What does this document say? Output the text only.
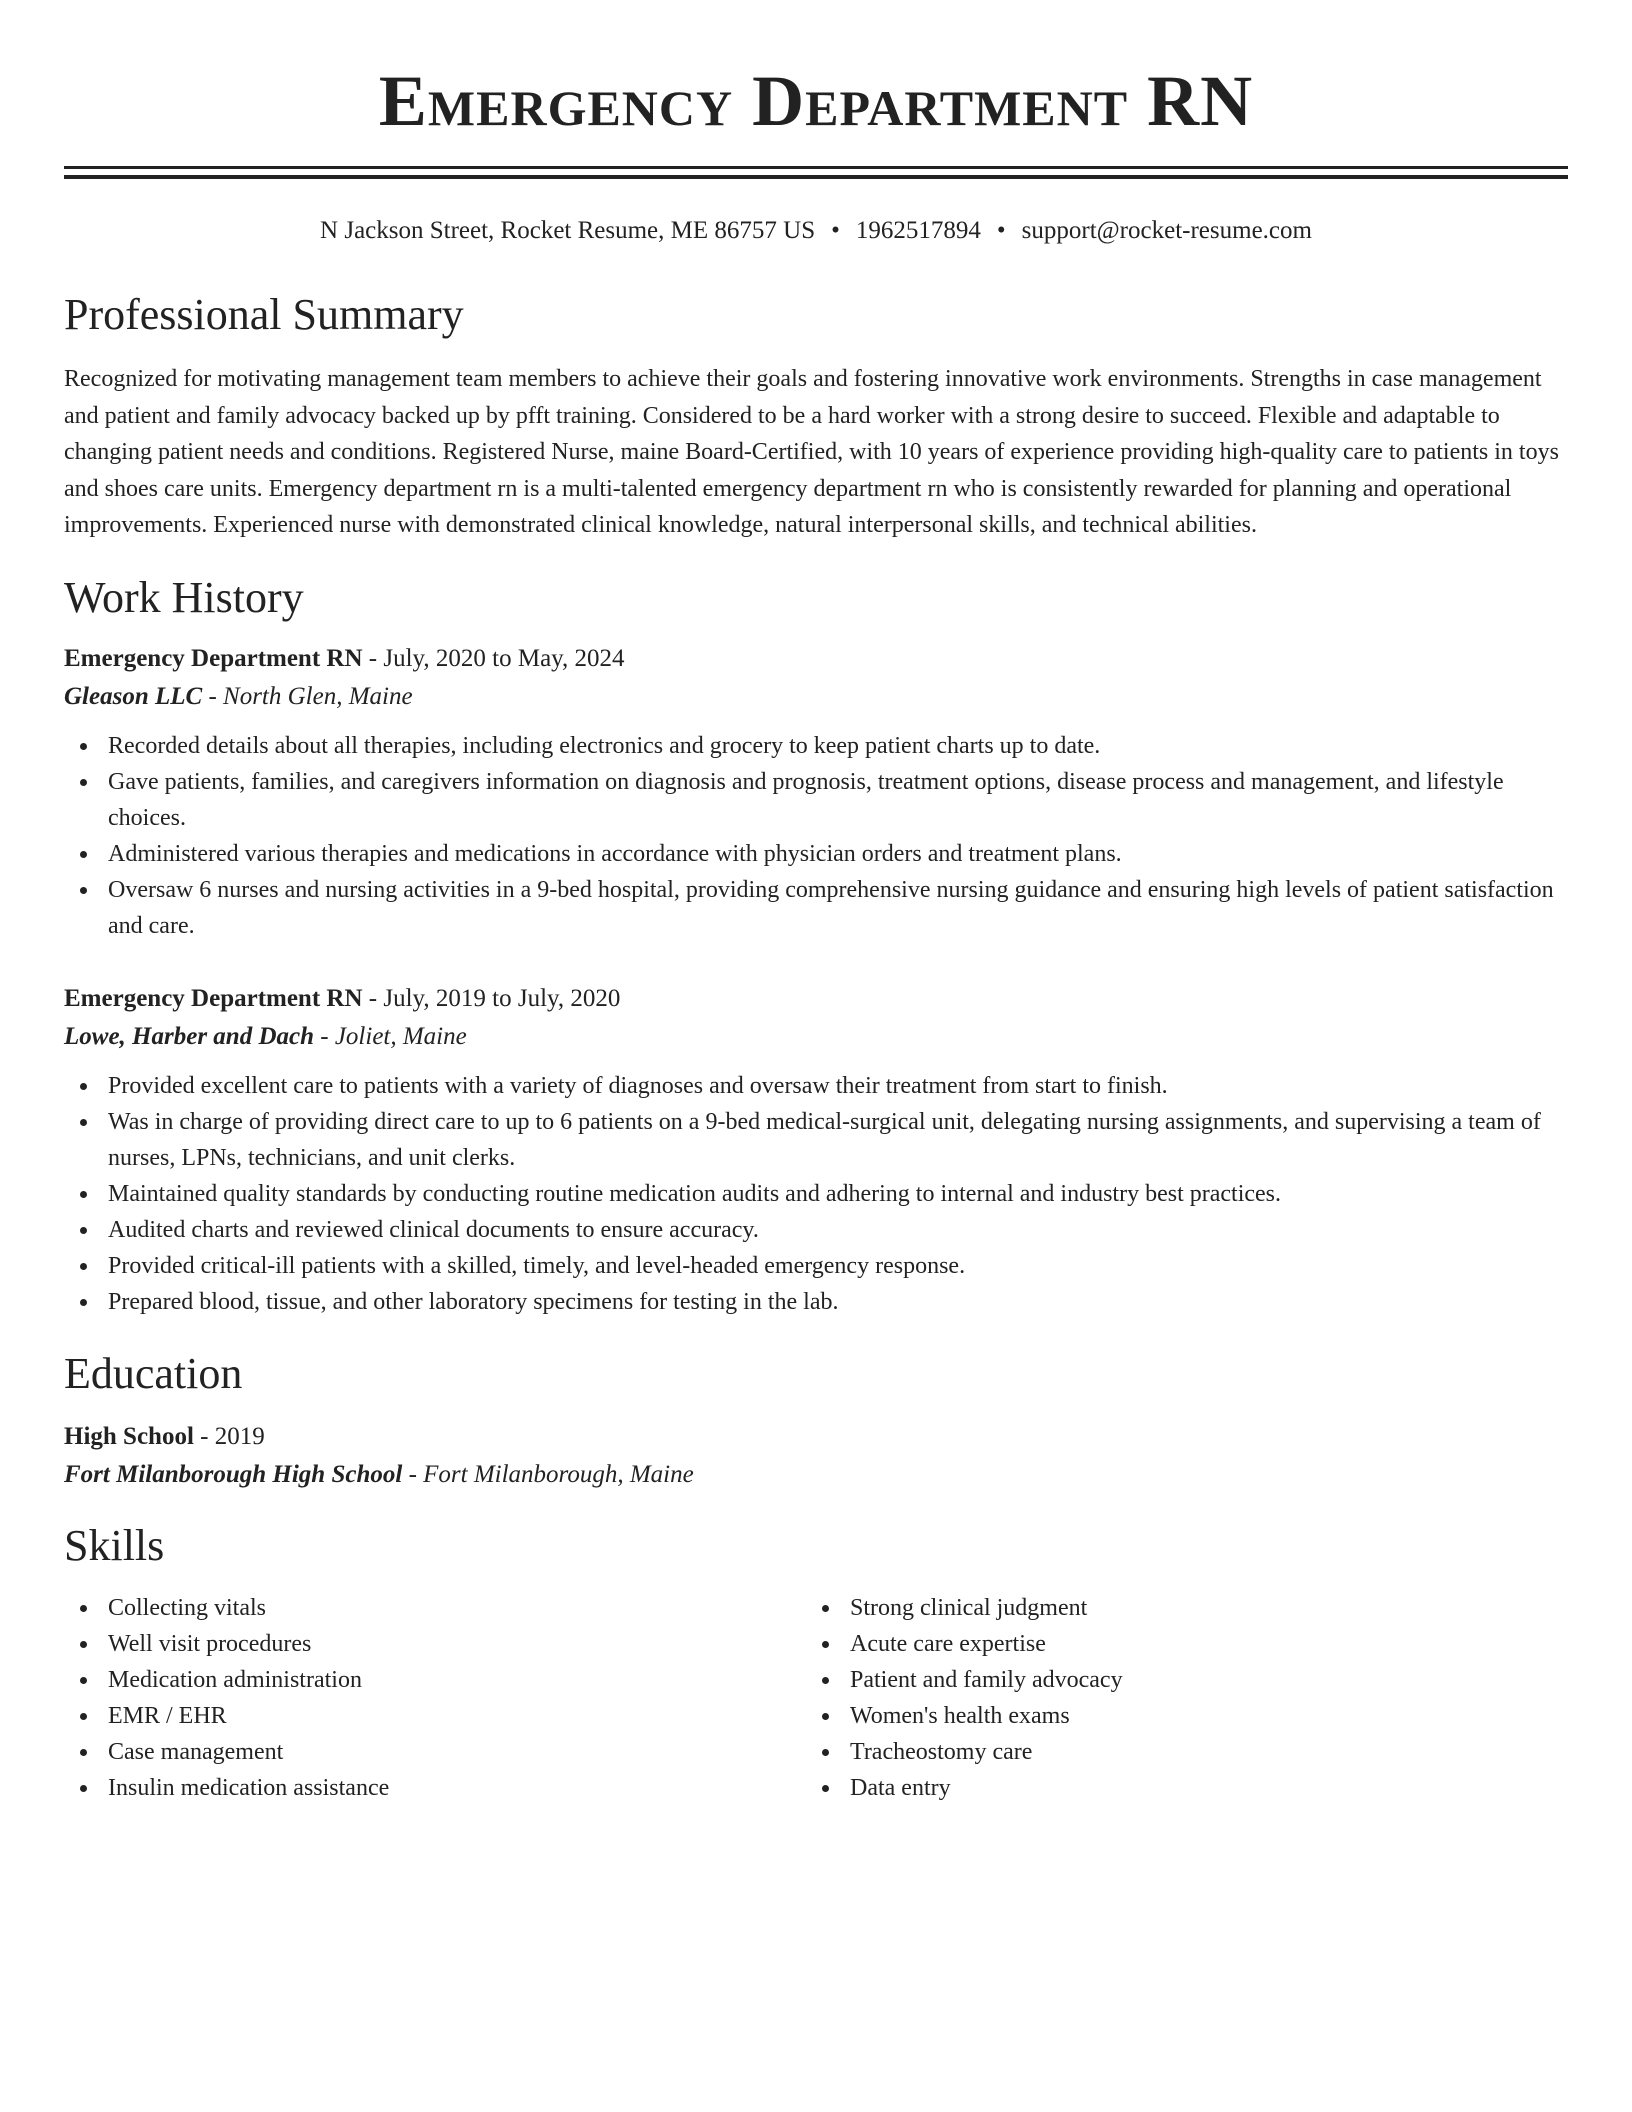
Emergency Department RN
N Jackson Street, Rocket Resume, ME 86757 US • 1962517894 • support@rocket-resume.com
Professional Summary

Recognized for motivating management team members to achieve their goals and fostering innovative work environments. Strengths in case management and patient and family advocacy backed up by pfft training. Considered to be a hard worker with a strong desire to succeed. Flexible and adaptable to changing patient needs and conditions. Registered Nurse, maine Board-Certified, with 10 years of experience providing high-quality care to patients in toys and shoes care units. Emergency department rn is a multi-talented emergency department rn who is consistently rewarded for planning and operational improvements. Experienced nurse with demonstrated clinical knowledge, natural interpersonal skills, and technical abilities.

Work History
Emergency Department RN - July, 2020 to May, 2024
Gleason LLC - North Glen, Maine
Recorded details about all therapies, including electronics and grocery to keep patient charts up to date.
Gave patients, families, and caregivers information on diagnosis and prognosis, treatment options, disease process and management, and lifestyle choices.
Administered various therapies and medications in accordance with physician orders and treatment plans.
Oversaw 6 nurses and nursing activities in a 9-bed hospital, providing comprehensive nursing guidance and ensuring high levels of patient satisfaction and care.
Emergency Department RN - July, 2019 to July, 2020
Lowe, Harber and Dach - Joliet, Maine
Provided excellent care to patients with a variety of diagnoses and oversaw their treatment from start to finish.
Was in charge of providing direct care to up to 6 patients on a 9-bed medical-surgical unit, delegating nursing assignments, and supervising a team of nurses, LPNs, technicians, and unit clerks.
Maintained quality standards by conducting routine medication audits and adhering to internal and industry best practices.
Audited charts and reviewed clinical documents to ensure accuracy.
Provided critical-ill patients with a skilled, timely, and level-headed emergency response.
Prepared blood, tissue, and other laboratory specimens for testing in the lab.
Education
High School - 2019
Fort Milanborough High School - Fort Milanborough, Maine
Skills
Collecting vitals
Well visit procedures
Medication administration
EMR / EHR
Case management
Insulin medication assistance
Strong clinical judgment
Acute care expertise
Patient and family advocacy
Women's health exams
Tracheostomy care
Data entry
